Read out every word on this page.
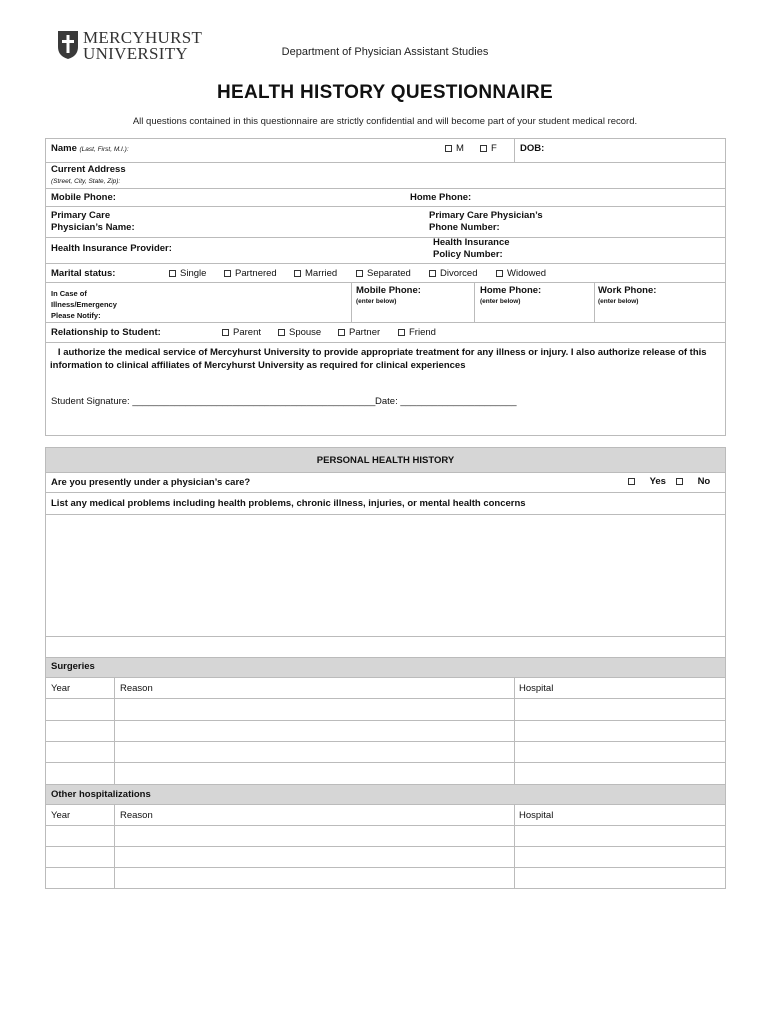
MERCYHURST
UNIVERSITY	Department of Physician Assistant Studies
HEALTH HISTORY QUESTIONNAIRE
All questions contained in this questionnaire are strictly confidential and will become part of your student medical record.
Name (Last, First, M.I.):	M	F DOB:
Current Address
(Street, City, State, Zip):
Mobile Phone:	Home Phone:
Primary Care
Physician’s Name:
Primary Care Physician’s
Phone Number:
Health Insurance Provider:
Health Insurance
Policy Number:
Marital status:	Single	Partnered	Married	Separated	Divorced	Widowed
In Case of
Illness/Emergency
Please Notify:
Mobile Phone:
(enter below)
Home Phone:
(enter below)
Work Phone:
(enter below)
Relationship to Student:	Parent	Spouse	Partner	Friend
I authorize the medical service of Mercyhurst University to provide appropriate treatment for any illness or injury. I also authorize release of this information to clinical affiliates of Mercyhurst University as required for clinical experiences
Student Signature: ______________________________________________ Date: ______________________
PERSONAL HEALTH HISTORY
Are you presently under a physician’s care?	Yes	No
List any medical problems including health problems, chronic illness, injuries, or mental health concerns
Surgeries
Year	Reason	Hospital
Other hospitalizations
Year	Reason	Hospital
